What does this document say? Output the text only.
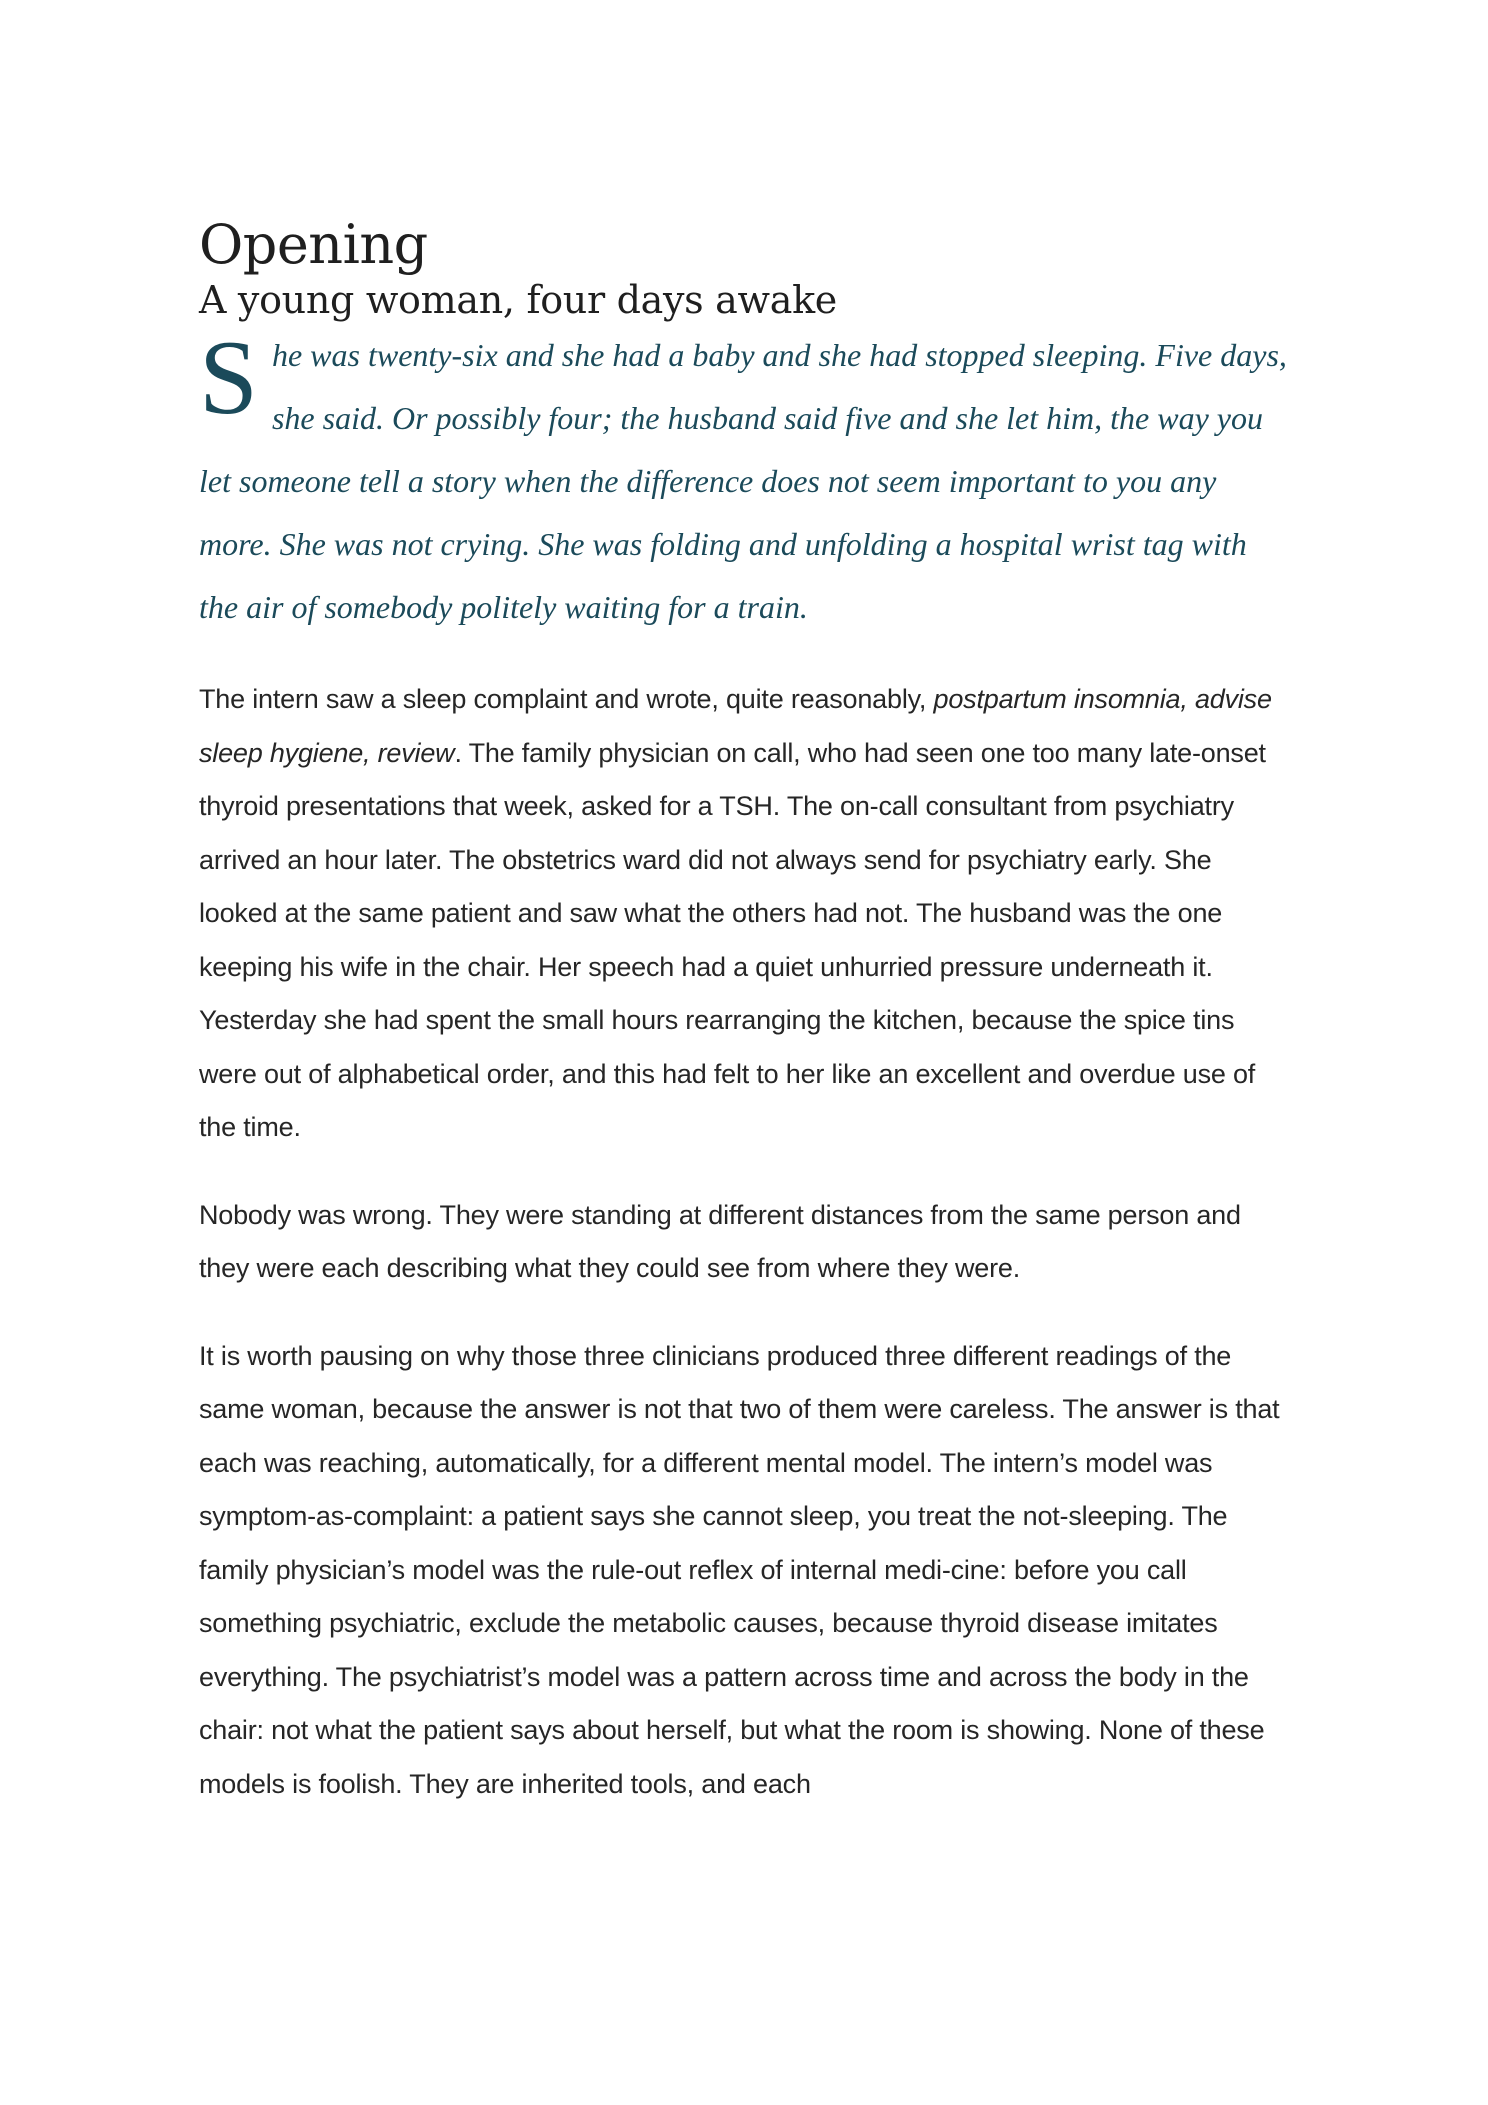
Opening
A young woman, four days awake

She was twenty-six and she had a baby and she had stopped sleeping. Five days, she said. Or possibly four; the husband said five and she let him, the way you let someone tell a story when the difference does not seem important to you any more. She was not crying. She was folding and unfolding a hospital wrist tag with the air of somebody politely waiting for a train.

The intern saw a sleep complaint and wrote, quite reasonably, postpartum insomnia, advise sleep hygiene, review. The family physician on call, who had seen one too many late-onset thyroid presentations that week, asked for a TSH. The on-call consultant from psychiatry arrived an hour later. The obstetrics ward did not always send for psychiatry early. She looked at the same patient and saw what the others had not. The husband was the one keeping his wife in the chair. Her speech had a quiet unhurried pressure underneath it. Yesterday she had spent the small hours rearranging the kitchen, because the spice tins were out of alphabetical order, and this had felt to her like an excellent and overdue use of the time.

Nobody was wrong. They were standing at different distances from the same person and they were each describing what they could see from where they were.

It is worth pausing on why those three clinicians produced three different readings of the same woman, because the answer is not that two of them were careless. The answer is that each was reaching, automatically, for a different mental model. The intern’s model was symptom-as-complaint: a patient says she cannot sleep, you treat the not-sleeping. The family physician’s model was the rule-out reflex of internal medi-cine: before you call something psychiatric, exclude the metabolic causes, because thyroid disease imitates everything. The psychiatrist’s model was a pattern across time and across the body in the chair: not what the patient says about herself, but what the room is showing. None of these models is foolish. They are inherited tools, and each
